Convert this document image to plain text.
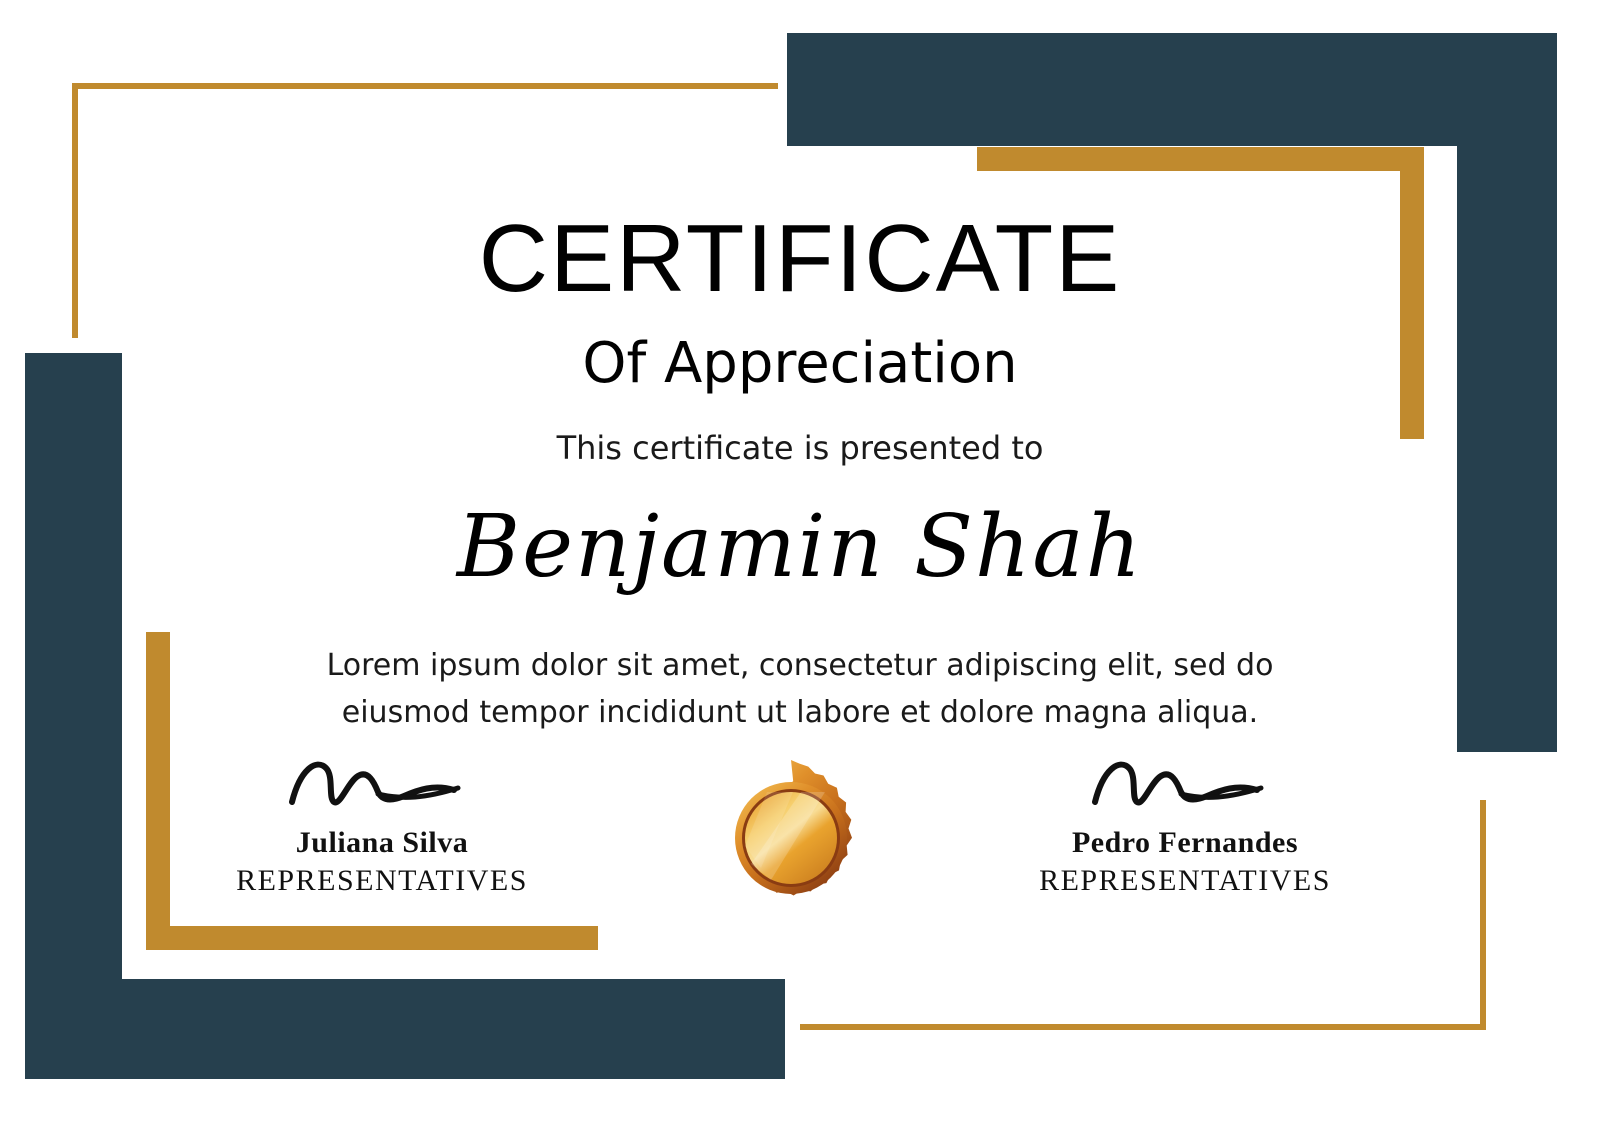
CERTIFICATE
Of Appreciation
This certificate is presented to
Benjamin Shah
Lorem ipsum dolor sit amet, consectetur adipiscing elit, sed do eiusmod tempor incididunt ut labore et dolore magna aliqua.
Juliana Silva
REPRESENTATIVES
Pedro Fernandes
REPRESENTATIVES
